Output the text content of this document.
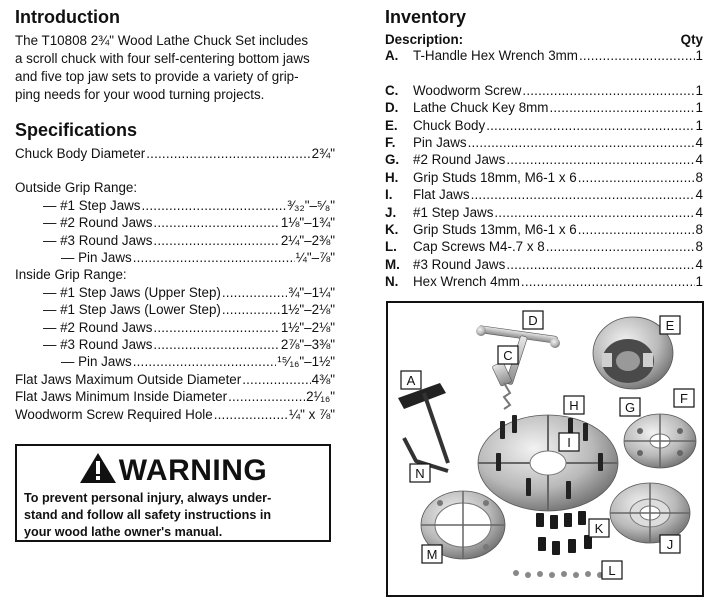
Introduction
The T10808 2¾" Wood Lathe Chuck Set includes
a scroll chuck with four self-centering bottom jaws
and five top jaw sets to provide a variety of grip-
ping needs for your wood turning projects.
Specifications
Chuck Body Diameter .....	2¾"
Outside Grip Range:
— #1 Step Jaws .....	³⁄₃₂"–⁵⁄₈"
— #2 Round Jaws .....	1⅛"–1¾"
— #3 Round Jaws .....	2¼"–2⅜"
— Pin Jaws .....	¼"–⅞"
Inside Grip Range:
— #1 Step Jaws (Upper Step) .....	¾"–1¼"
— #1 Step Jaws (Lower Step) .....	1½"–2⅛"
— #2 Round Jaws .....	1½"–2⅛"
— #3 Round Jaws .....	2⅞"–3⅜"
— Pin Jaws .....	¹⁵⁄₁₆"–1½"
Flat Jaws Maximum Outside Diameter .....	4⅜"
Flat Jaws Minimum Inside Diameter .....	2¹⁄₁₆"
Woodworm Screw Required Hole .....	¼" x ⅞"
WARNING
To prevent personal injury, always under-
stand and follow all safety instructions in
your wood lathe owner's manual.
Inventory
Description:	Qty
A.	T-Handle Hex Wrench 3mm .....	1
C.	Woodworm Screw .....	1
D.	Lathe Chuck Key 8mm .....	1
E.	Chuck Body .....	1
F.	Pin Jaws .....	4
G.	#2 Round Jaws .....	4
H.	Grip Studs 18mm, M6-1 x 6 .....	8
I.	Flat Jaws .....	4
J.	#1 Step Jaws .....	4
K.	Grip Studs 13mm, M6-1 x 6 .....	8
L.	Cap Screws M4-.7 x 8 .....	8
M. #3 Round Jaws .....	4
N.	Hex Wrench 4mm .....	1
A
C
D	E
F
G
H
I
J
K
L
M
N
